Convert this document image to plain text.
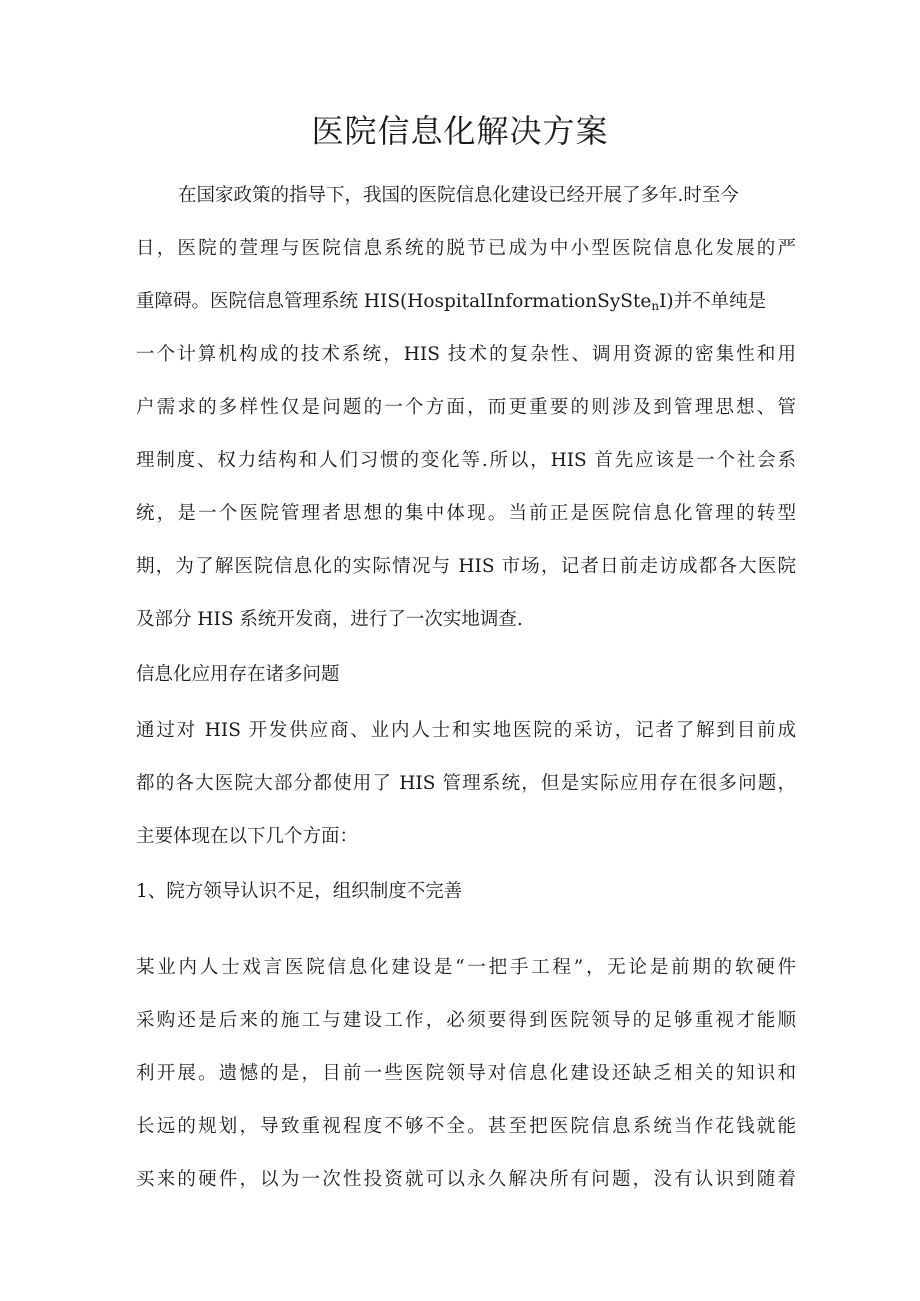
医院信息化解决方案
在国家政策的指导下，我国的医院信息化建设已经开展了多年.时至今
日，医院的萱理与医院信息系统的脱节已成为中小型医院信息化发展的严
重障碍。医院信息管理系统 HIS(HospitalInformationSySte$_n$I)并不单纯是
一个计算机构成的技术系统，HIS 技术的复杂性、调用资源的密集性和用
户需求的多样性仅是问题的一个方面，而更重要的则涉及到管理思想、管
理制度、权力结构和人们习惯的变化等.所以，HIS 首先应该是一个社会系
统，是一个医院管理者思想的集中体现。当前正是医院信息化管理的转型
期，为了解医院信息化的实际情况与 HIS 市场，记者日前走访成都各大医院
及部分 HIS 系统开发商，进行了一次实地调查.
信息化应用存在诸多问题
通过对 HIS 开发供应商、业内人士和实地医院的采访，记者了解到目前成
都的各大医院大部分都使用了 HIS 管理系统，但是实际应用存在很多问题，
主要体现在以下几个方面：
1、院方领导认识不足，组织制度不完善
某业内人士戏言医院信息化建设是“一把手工程”，无论是前期的软硬件
采购还是后来的施工与建设工作，必须要得到医院领导的足够重视才能顺
利开展。遗憾的是，目前一些医院领导对信息化建设还缺乏相关的知识和
长远的规划，导致重视程度不够不全。甚至把医院信息系统当作花钱就能
买来的硬件，以为一次性投资就可以永久解决所有问题，没有认识到随着
